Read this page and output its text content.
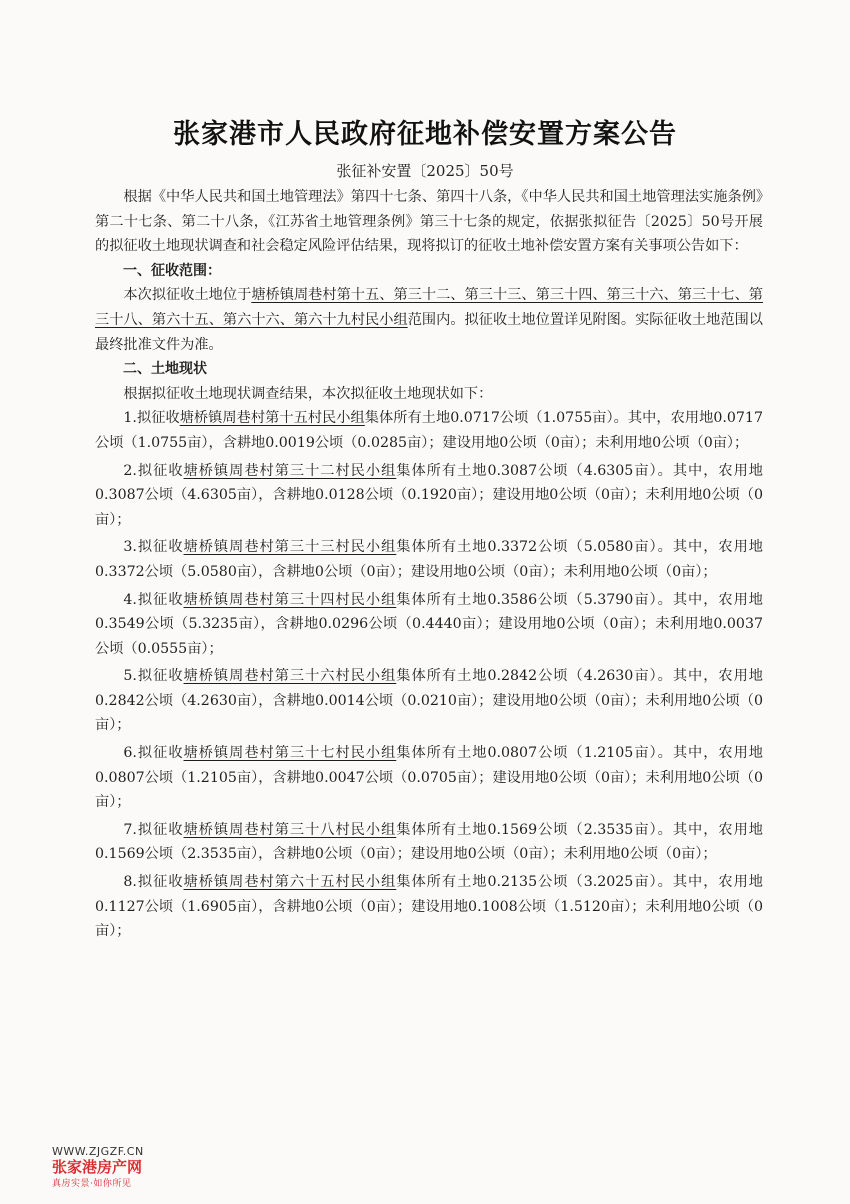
张家港市人民政府征地补偿安置方案公告
张征补安置〔2025〕50号

根据《中华人民共和国土地管理法》第四十七条、第四十八条，《中华人民共和国土地管理法实施条例》第二十七条、第二十八条，《江苏省土地管理条例》第三十七条的规定，依据张拟征告〔2025〕50号开展的拟征收土地现状调查和社会稳定风险评估结果，现将拟订的征收土地补偿安置方案有关事项公告如下：

一、征收范围：

本次拟征收土地位于塘桥镇周巷村第十五、第三十二、第三十三、第三十四、第三十六、第三十七、第三十八、第六十五、第六十六、第六十九村民小组范围内。拟征收土地位置详见附图。实际征收土地范围以最终批准文件为准。

二、土地现状

根据拟征收土地现状调查结果，本次拟征收土地现状如下：

1.拟征收塘桥镇周巷村第十五村民小组集体所有土地0.0717公顷（1.0755亩）。其中，农用地0.0717公顷（1.0755亩），含耕地0.0019公顷（0.0285亩）；建设用地0公顷（0亩）；未利用地0公顷（0亩）；

2.拟征收塘桥镇周巷村第三十二村民小组集体所有土地0.3087公顷（4.6305亩）。其中，农用地0.3087公顷（4.6305亩），含耕地0.0128公顷（0.1920亩）；建设用地0公顷（0亩）；未利用地0公顷（0亩）；

3.拟征收塘桥镇周巷村第三十三村民小组集体所有土地0.3372公顷（5.0580亩）。其中，农用地0.3372公顷（5.0580亩），含耕地0公顷（0亩）；建设用地0公顷（0亩）；未利用地0公顷（0亩）；

4.拟征收塘桥镇周巷村第三十四村民小组集体所有土地0.3586公顷（5.3790亩）。其中，农用地0.3549公顷（5.3235亩），含耕地0.0296公顷（0.4440亩）；建设用地0公顷（0亩）；未利用地0.0037公顷（0.0555亩）；

5.拟征收塘桥镇周巷村第三十六村民小组集体所有土地0.2842公顷（4.2630亩）。其中，农用地0.2842公顷（4.2630亩），含耕地0.0014公顷（0.0210亩）；建设用地0公顷（0亩）；未利用地0公顷（0亩）；

6.拟征收塘桥镇周巷村第三十七村民小组集体所有土地0.0807公顷（1.2105亩）。其中，农用地0.0807公顷（1.2105亩），含耕地0.0047公顷（0.0705亩）；建设用地0公顷（0亩）；未利用地0公顷（0亩）；

7.拟征收塘桥镇周巷村第三十八村民小组集体所有土地0.1569公顷（2.3535亩）。其中，农用地0.1569公顷（2.3535亩），含耕地0公顷（0亩）；建设用地0公顷（0亩）；未利用地0公顷（0亩）；

8.拟征收塘桥镇周巷村第六十五村民小组集体所有土地0.2135公顷（3.2025亩）。其中，农用地0.1127公顷（1.6905亩），含耕地0公顷（0亩）；建设用地0.1008公顷（1.5120亩）；未利用地0公顷（0亩）；

WWW.ZJGZF.CN
张家港房产网
真房实景·如你所见
